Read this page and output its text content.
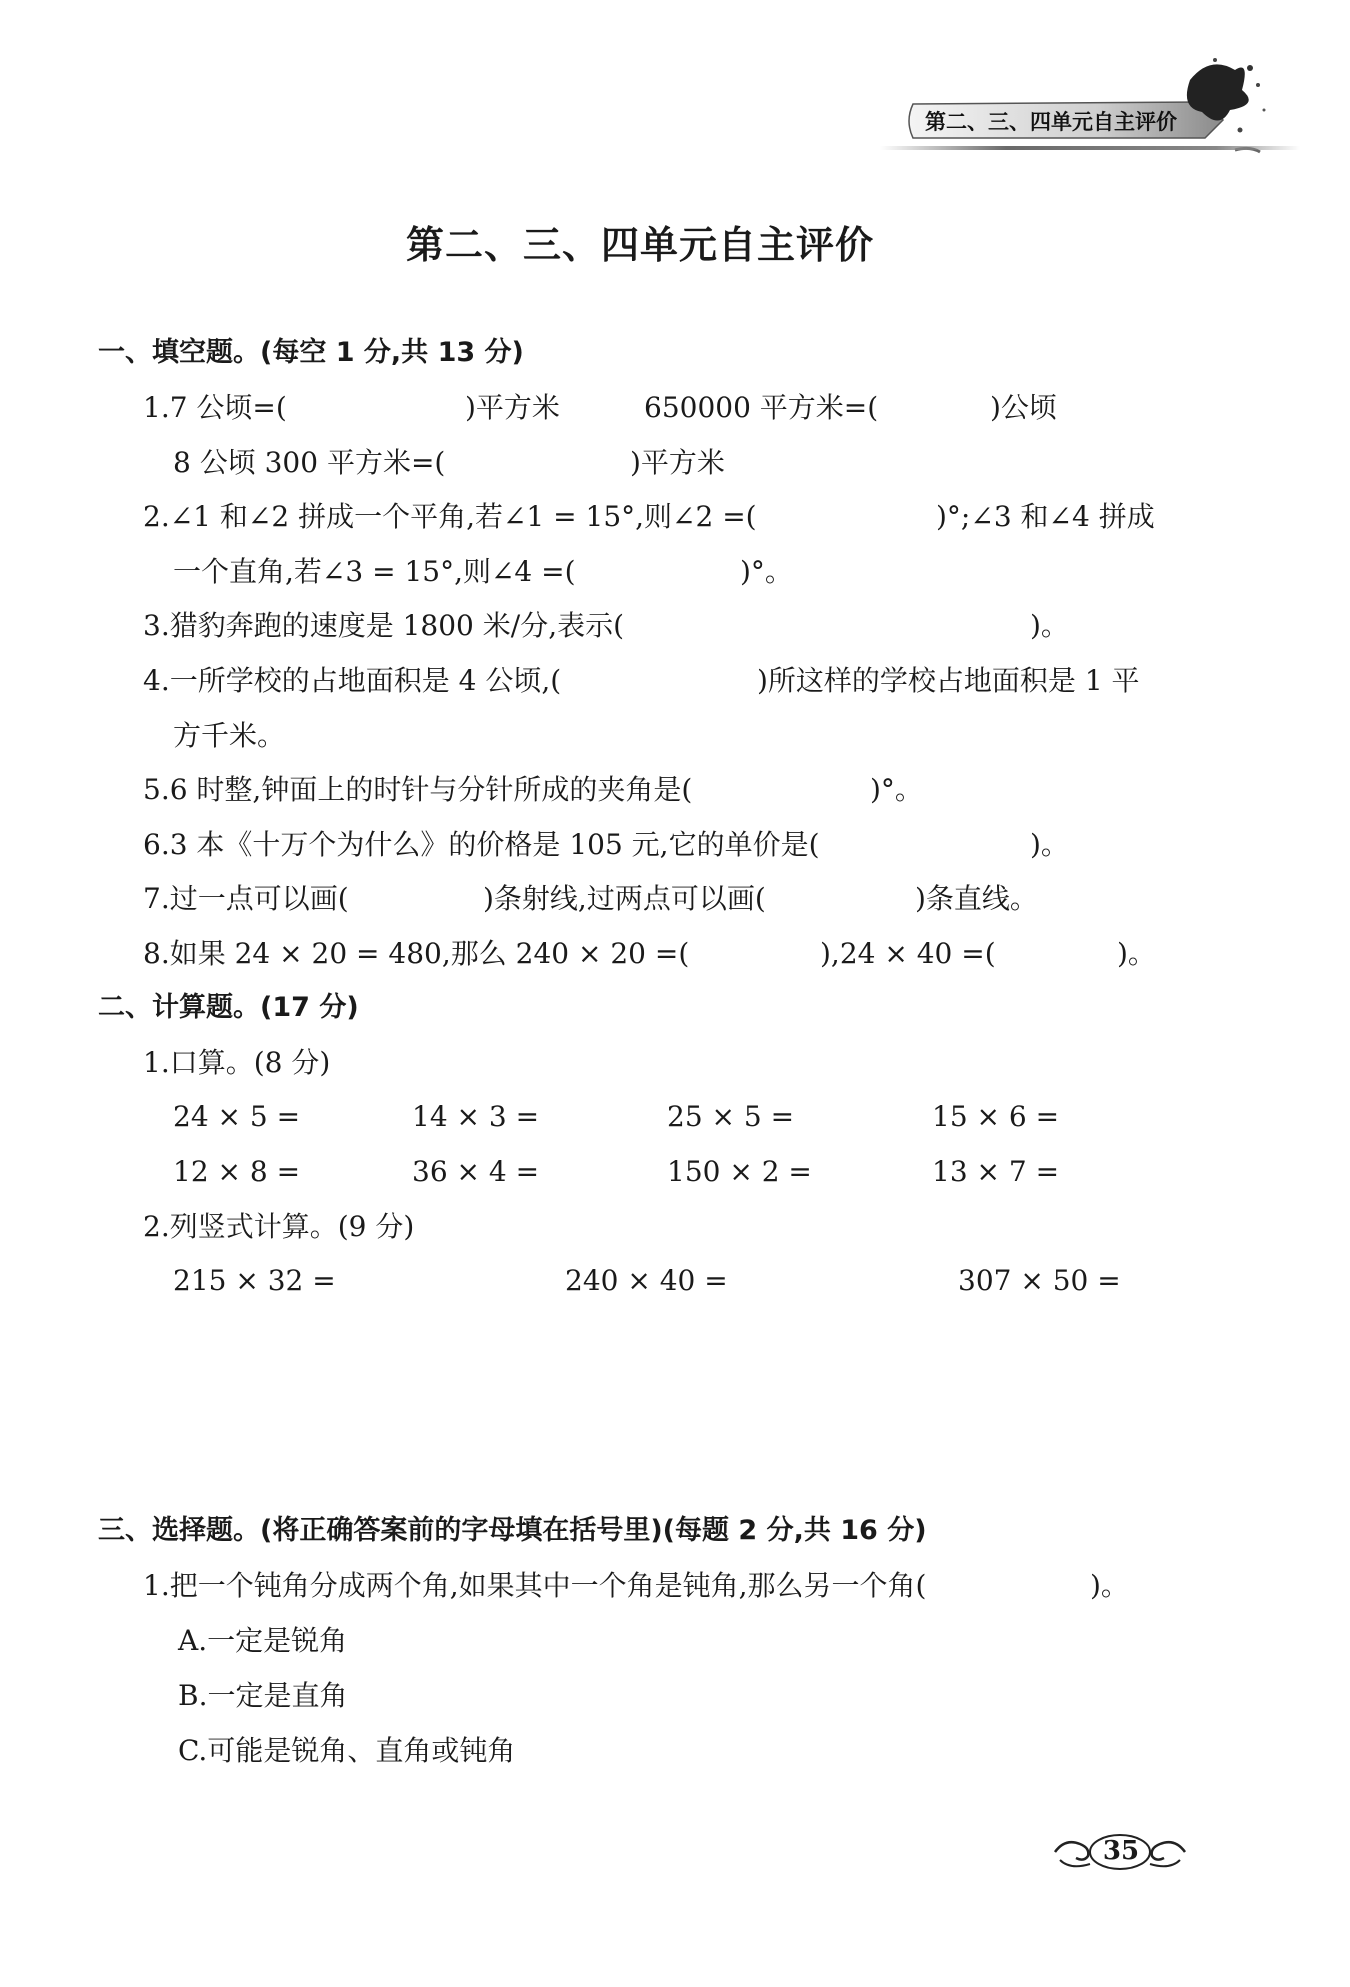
第二、三、四单元自主评价
第二、三、四单元自主评价
一、填空题。(每空 1 分,共 13 分)
1.7 公顷=(	)平方米	650000 平方米=(	)公顷
8 公顷 300 平方米=(	)平方米
2.∠1 和∠2 拼成一个平角,若∠1 = 15°,则∠2 =(	)°;∠3 和∠4 拼成
一个直角,若∠3 = 15°,则∠4 =(	)°。
3.猎豹奔跑的速度是 1800 米/分,表示(	)。
4.一所学校的占地面积是 4 公顷,(	)所这样的学校占地面积是 1 平
方千米。
5.6 时整,钟面上的时针与分针所成的夹角是(	)°。
6.3 本《十万个为什么》的价格是 105 元,它的单价是(	)。
7.过一点可以画(	)条射线,过两点可以画(	)条直线。
8.如果 24 × 20 = 480,那么 240 × 20 =(	),24 × 40 =(	)。
二、计算题。(17 分)
1.口算。(8 分)
24 × 5 =	14 × 3 =	25 × 5 =	15 × 6 =
12 × 8 =	36 × 4 =	150 × 2 =	13 × 7 =
2.列竖式计算。(9 分)
215 × 32 =	240 × 40 =	307 × 50 =
三、选择题。(将正确答案前的字母填在括号里)(每题 2 分,共 16 分)
1.把一个钝角分成两个角,如果其中一个角是钝角,那么另一个角(	)。
A.一定是锐角
B.一定是直角
C.可能是锐角、直角或钝角
35
